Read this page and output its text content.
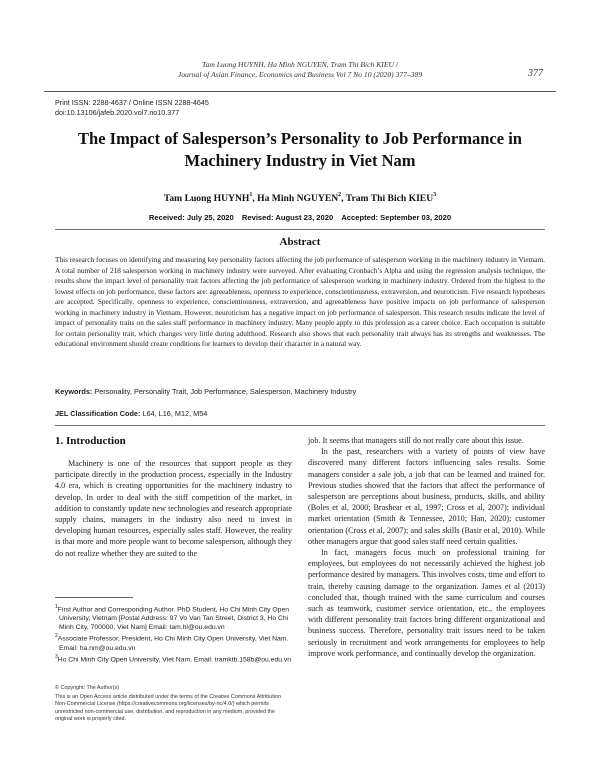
Tam Luong HUYNH, Ha Minh NGUYEN, Tram Thi Bich KIEU /
Journal of Asian Finance, Economics and Business Vol 7 No 10 (2020) 377–389	377
Print ISSN: 2288-4637 / Online ISSN 2288-4645
doi:10.13106/jafeb.2020.vol7.no10.377
The Impact of Salesperson’s Personality to Job Performance in
Machinery Industry in Viet Nam
Tam Luong HUYNH$^1$, Ha Minh NGUYEN$^2$, Tram Thi Bich KIEU$^3$
Received: July 25, 2020 Revised: August 23, 2020 Accepted: September 03, 2020
Abstract
This research focuses on identifying and measuring key personality factors affecting the job performance of salesperson working in the machinery industry in Vietnam. A total number of 218 salesperson working in machinery industry were surveyed. After evaluating Cronbach’s Alpha and using the regression analysis technique, the results show the impact level of personality trait factors affecting the job performance of salesperson working in machinery industry. Ordered from the highest to the lowest effects on job performance, these factors are: agreeableness, openness to experience, conscientiousness, extraversion, and neuroticism. Five research hypotheses are accepted. Specifically, openness to experience, conscientiousness, extraversion, and agreeableness have positive impacts on job performance of salesperson working in machinery industry in Vietnam. However, neuroticism has a negative impact on job performance of salesperson. This research results indicate the level of impact of personality traits on the sales staff performance in machinery industry. Many people apply to this profession as a career choice. Each occupation is suitable for certain personality trait, which changes very little during adulthood. Research also shows that each personality trait always has its strengths and weaknesses. The educational environment should create conditions for learners to develop their character in a natural way.
Keywords: Personality, Personality Trait, Job Performance, Salesperson, Machinery Industry
JEL Classification Code: L64, L16, M12, M54
1. Introduction

Machinery is one of the resources that support people as they participate directly in the production process, especially in the Industry 4.0 era, which is creating opportunities for the machinery industry to develop. In order to deal with the stiff competition of the market, in addition to constantly update new technologies and research appropriate supply chains, managers in the industry also need to invest in developing human resources, especially sales staff. However, the reality is that more and more people want to become salesperson, although they do not realize whether they are suited to the

job. It seems that managers still do not really care about this issue.

In the past, researchers with a variety of points of view have discovered many different factors influencing sales results. Some managers consider a sale job, a job that can be learned and trained for. Previous studies showed that the factors that affect the performance of salesperson are perceptions about business, products, skills, and ability (Boles et al, 2000; Brashear et al, 1997; Cross et al, 2007); individual market orientation (Smith & Tennessee, 2010; Han, 2020); customer orientation (Cross et al, 2007); and sales skills (Basir et al, 2010). While other managers argue that good sales staff need certain qualities.

In fact, managers focus much on professional training for employees, but employees do not necessarily achieved the highest job performance desired by managers. This involves costs, time and effort to train, thereby causing damage to the organization. James et al (2013) concluded that, though trained with the same curriculum and courses such as teamwork, customer service orientation, etc., the employees with different personality trait factors bring different organizational and business success. Therefore, personality trait issues need to be taken seriously in recruitment and work arrangements for employees to help improve work performance, and continually develop the organization.

$^1$First Author and Corresponding Author. PhD Student, Ho Chi Minh City Open University, Vietnam [Postal Address: 97 Vo Van Tan Street, District 3, Ho Chi Minh City, 700000, Viet Nam] Email: tam.hl@ou.edu.vn
$^2$Associate Professor, President, Ho Chi Minh City Open University, Viet Nam. Email: ha.nm@ou.edu.vn
$^3$Ho Chi Minh City Open University, Viet Nam. Email: tramktb.158b@ou.edu.vn
© Copyright: The Author(s)
This is an Open Access article distributed under the terms of the Creative Commons Attribution Non-Commercial License (https://creativecommons.org/licenses/by-nc/4.0/) which permits unrestricted non-commercial use, distribution, and reproduction in any medium, provided the original work is properly cited.
